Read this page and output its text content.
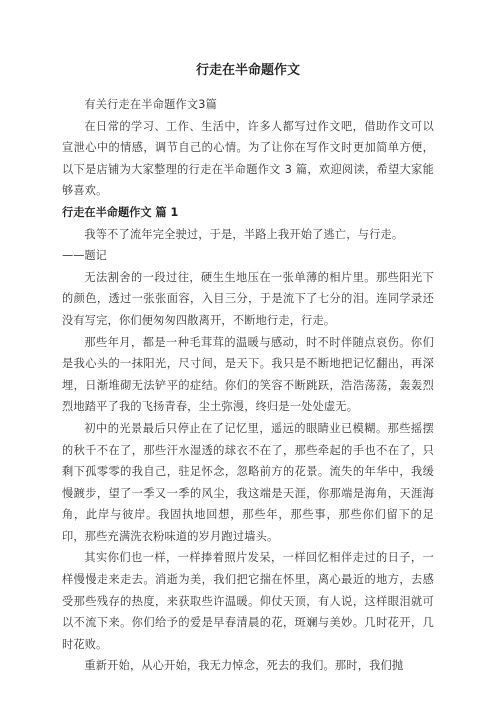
行走在半命题作文

有关行走在半命题作文3篇

在日常的学习、工作、生活中，许多人都写过作文吧，借助作文可以宣泄心中的情感，调节自己的心情。为了让你在写作文时更加简单方便，以下是店铺为大家整理的行走在半命题作文 3 篇，欢迎阅读，希望大家能够喜欢。

行走在半命题作文 篇 1

我等不了流年完全驶过，于是，半路上我开始了逃亡，与行走。

——题记

无法割舍的一段过往，硬生生地压在一张单薄的相片里。那些阳光下的颜色，透过一张张面容，入目三分，于是流下了七分的泪。连同学录还没有写完，你们便匆匆四散离开，不断地行走，行走。

那些年月，都是一种毛茸茸的温暖与感动，时不时伴随点哀伤。你们是我心头的一抹阳光，尺寸间，是天下。我只是不断地把记忆翻出，再深埋，日渐堆砌无法铲平的症结。你们的笑容不断跳跃，浩浩荡荡，轰轰烈烈地踏平了我的飞扬青春，尘土弥漫，终归是一处处虚无。

初中的光景最后只停止在了记忆里，遥远的眼睛业已模糊。那些摇摆的秋千不在了，那些汗水湿透的球衣不在了，那些牵起的手也不在了，只剩下孤零零的我自己，驻足怀念，忽略前方的花景。流失的年华中，我缓慢踱步，望了一季又一季的风尘，我这端是天涯，你那端是海角，天涯海角，此岸与彼岸。我固执地回想，那些年，那些事，那些你们留下的足印，那些充满洗衣粉味道的岁月跑过墙头。

其实你们也一样，一样捧着照片发呆，一样回忆相伴走过的日子，一样慢慢走来走去。消逝为美，我们把它揣在怀里，离心最近的地方，去感受那些残存的热度，来获取些许温暖。仰仗天顶，有人说，这样眼泪就可以不流下来。你们给予的爱是早春清晨的花，斑斓与美妙。几时花开，几时花败。

重新开始，从心开始，我无力悼念，死去的我们。那时，我们抛
